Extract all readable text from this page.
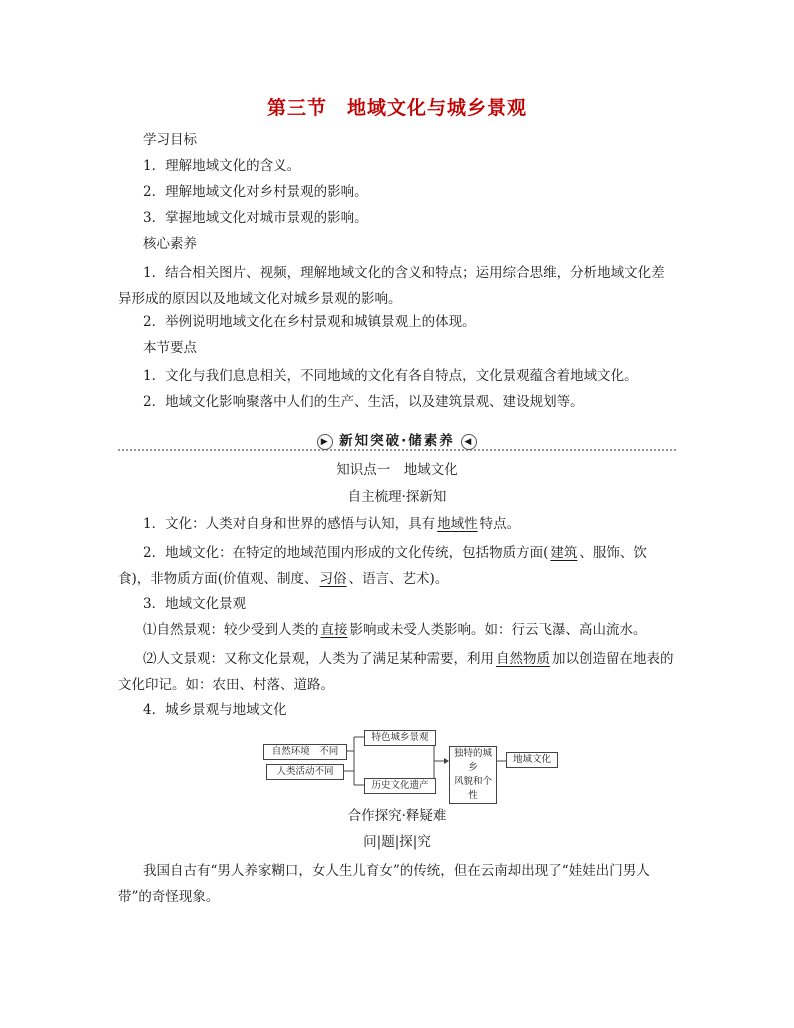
第三节　地域文化与城乡景观
学习目标
1．理解地域文化的含义。
2．理解地域文化对乡村景观的影响。
3．掌握地域文化对城市景观的影响。
核心素养
1．结合相关图片、视频，理解地域文化的含义和特点；运用综合思维，分析地域文化差异形成的原因以及地域文化对城乡景观的影响。
2．举例说明地域文化在乡村景观和城镇景观上的体现。
本节要点
1．文化与我们息息相关，不同地域的文化有各自特点，文化景观蕴含着地域文化。
2．地域文化影响聚落中人们的生产、生活，以及建筑景观、建设规划等。
▶ 新知突破·储素养 ◀
知识点一　地域文化
自主梳理·探新知
1．文化：人类对自身和世界的感悟与认知，具有 地域性 特点。
2．地域文化：在特定的地域范围内形成的文化传统，包括物质方面( 建筑 、服饰、饮食)，非物质方面(价值观、制度、 习俗 、语言、艺术)。
3．地域文化景观
⑴自然景观：较少受到人类的 直接 影响或未受人类影响。如：行云飞瀑、高山流水。
⑵人文景观：又称文化景观，人类为了满足某种需要，利用 自然物质 加以创造留在地表的文化印记。如：农田、村落、道路。
4．城乡景观与地域文化
自然环境　不同
人类活动不同
特色城乡景观
历史文化遗产
独特的城乡
风貌和个性
地域文化
合作探究·释疑难
问|题|探|究
我国自古有“男人养家糊口，女人生儿育女”的传统，但在云南却出现了“娃娃出门男人带”的奇怪现象。
